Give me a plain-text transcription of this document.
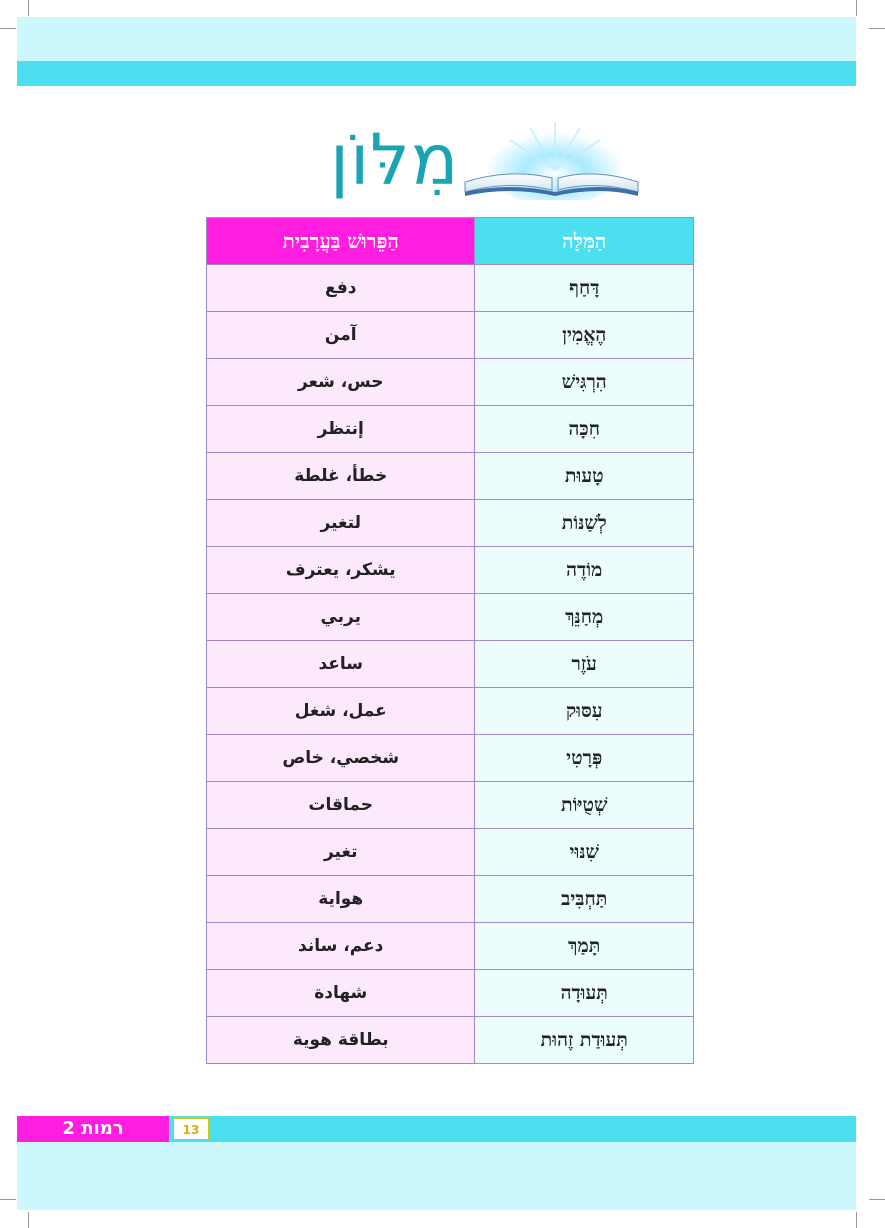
מִלּוֹן
הַמִּלָּה	הַפֵּרוּשׁ בַּעֲרָבִית
דָּחַף	دفع
הֶאֱמִין	آمن
הִרְגִּישׁ	حس، شعر
חִכָּה	إنتظر
טָעוּת	خطأ، غلطة
לְשַׁנּוֹת	لتغير
מוֹדֶה	يشكر، يعترف
מְחַנֵּךְ	يربي
עֹזֶר	ساعد
עִסּוּק	عمل، شغل
פְּרָטִי	شخصي، خاص
שְׁטֻיּוֹת	حماقات
שִׁנּוּי	تغير
תַּחְבִּיב	هواية
תָּמַךְ	دعم، ساند
תְּעוּדָה	شهادة
תְּעוּדַת זֶהוּת	بطاقة هوية
רמות 2	13
